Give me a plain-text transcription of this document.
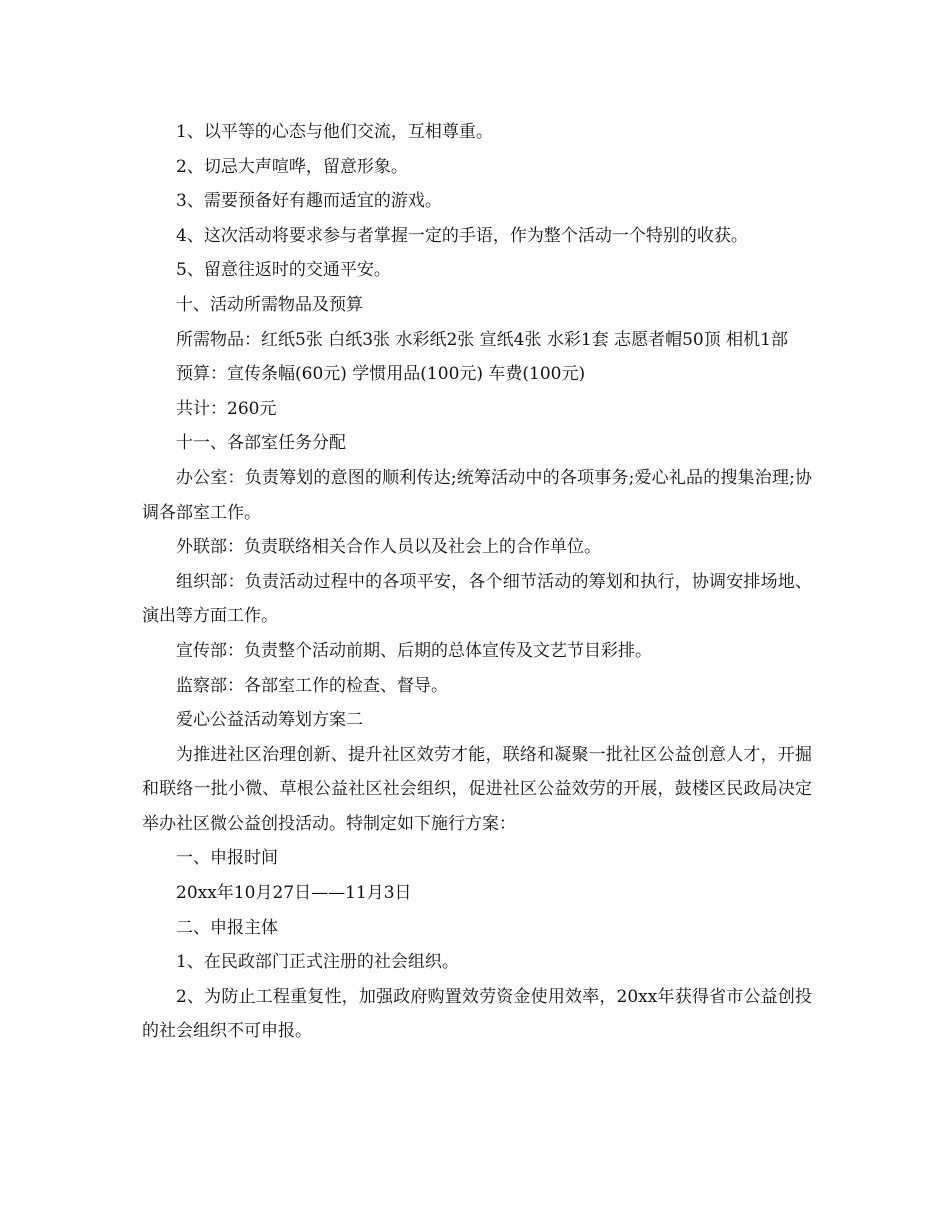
1、以平等的心态与他们交流，互相尊重。

2、切忌大声喧哗，留意形象。

3、需要预备好有趣而适宜的游戏。

4、这次活动将要求参与者掌握一定的手语，作为整个活动一个特别的收获。

5、留意往返时的交通平安。

十、活动所需物品及预算

所需物品：红纸5张 白纸3张 水彩纸2张 宣纸4张 水彩1套 志愿者帽50顶 相机1部

预算：宣传条幅(60元) 学惯用品(100元) 车费(100元)

共计：260元

十一、各部室任务分配

办公室：负责筹划的意图的顺利传达;统筹活动中的各项事务;爱心礼品的搜集治理;协调各部室工作。

外联部：负责联络相关合作人员以及社会上的合作单位。

组织部：负责活动过程中的各项平安，各个细节活动的筹划和执行，协调安排场地、演出等方面工作。

宣传部：负责整个活动前期、后期的总体宣传及文艺节目彩排。

监察部：各部室工作的检查、督导。

爱心公益活动筹划方案二

为推进社区治理创新、提升社区效劳才能，联络和凝聚一批社区公益创意人才，开掘和联络一批小微、草根公益社区社会组织，促进社区公益效劳的开展，鼓楼区民政局决定举办社区微公益创投活动。特制定如下施行方案：

一、申报时间

20xx年10月27日——11月3日

二、申报主体

1、在民政部门正式注册的社会组织。

2、为防止工程重复性，加强政府购置效劳资金使用效率，20xx年获得省市公益创投的社会组织不可申报。
